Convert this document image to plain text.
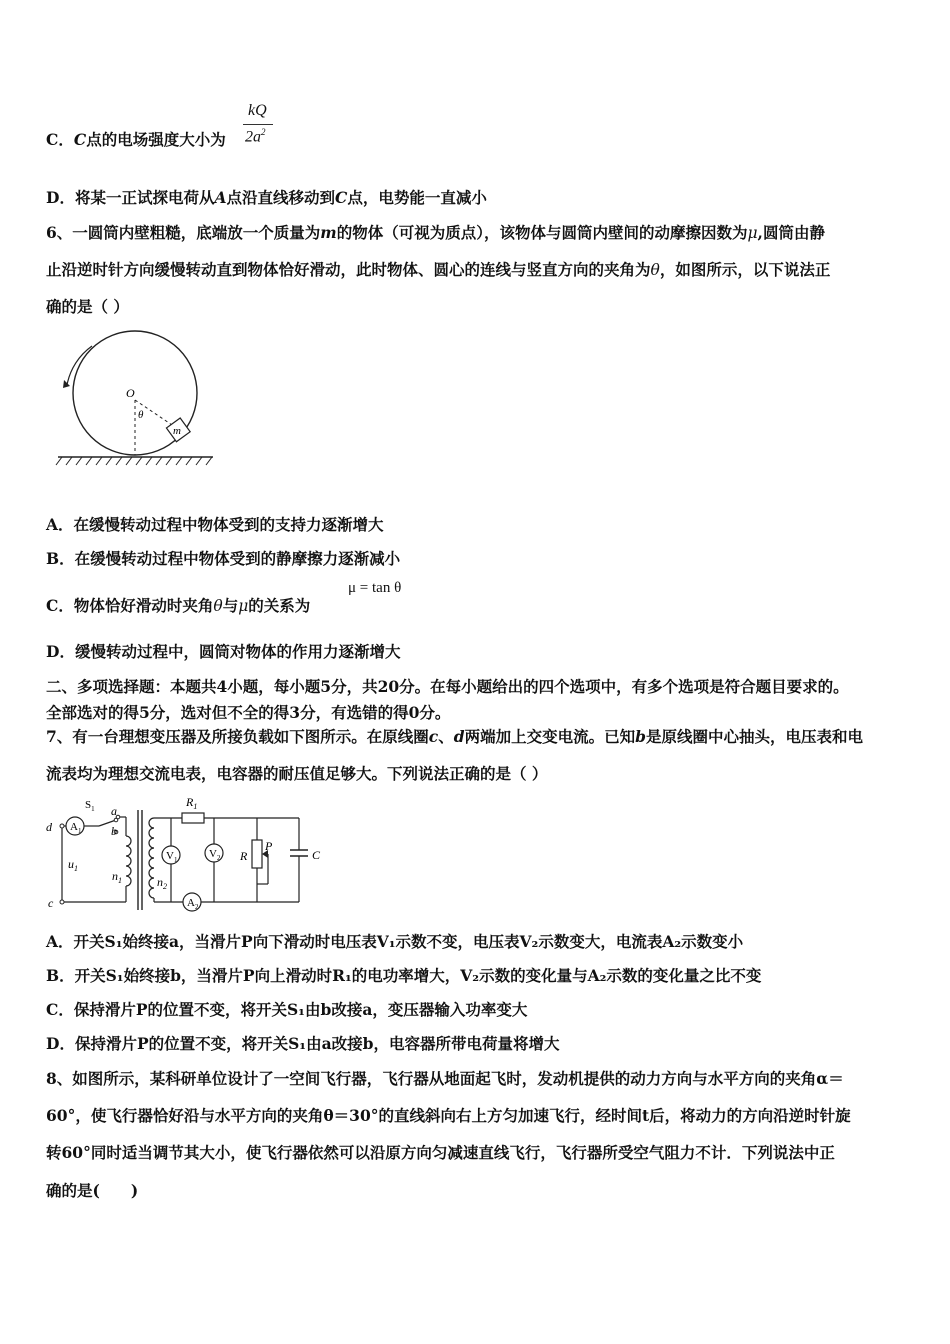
C．C点的电场强度大小为
kQ
$2a^2$
D．将某一正试探电荷从A点沿直线移动到C点，电势能一直减小
6、一圆筒内壁粗糙，底端放一个质量为m的物体（可视为质点），该物体与圆筒内壁间的动摩擦因数为μ,圆筒由静
止沿逆时针方向缓慢转动直到物体恰好滑动，此时物体、圆心的连线与竖直方向的夹角为θ，如图所示，以下说法正
确的是（ ）
O
θ
m
A．在缓慢转动过程中物体受到的支持力逐渐增大
B．在缓慢转动过程中物体受到的静摩擦力逐渐减小
C．物体恰好滑动时夹角θ与μ的关系为
μ = tan θ
D．缓慢转动过程中，圆筒对物体的作用力逐渐增大
二、多项选择题：本题共4小题，每小题5分，共20分。在每小题给出的四个选项中，有多个选项是符合题目要求的。
全部选对的得5分，选对但不全的得3分，有选错的得0分。
7、有一台理想变压器及所接负载如下图所示。在原线圈c、d两端加上交变电流。已知b是原线圈中心抽头，电压表和电
流表均为理想交流电表，电容器的耐压值足够大。下列说法正确的是（ ）
d
c
a
b
$u_1$
$n_1$	$n_2$
$R_1$
R
P
C
$S_1$
$A_1$
$A_2$
$V_1$	$V_2$
A．开关S₁始终接a，当滑片P向下滑动时电压表V₁示数不变，电压表V₂示数变大，电流表A₂示数变小
B．开关S₁始终接b，当滑片P向上滑动时R₁的电功率增大，V₂示数的变化量与A₂示数的变化量之比不变
C．保持滑片P的位置不变，将开关S₁由b改接a，变压器输入功率变大
D．保持滑片P的位置不变，将开关S₁由a改接b，电容器所带电荷量将增大
8、如图所示，某科研单位设计了一空间飞行器，飞行器从地面起飞时，发动机提供的动力方向与水平方向的夹角α＝
60°，使飞行器恰好沿与水平方向的夹角θ＝30°的直线斜向右上方匀加速飞行，经时间t后，将动力的方向沿逆时针旋
转60°同时适当调节其大小，使飞行器依然可以沿原方向匀减速直线飞行，飞行器所受空气阻力不计．下列说法中正
确的是(　　)
